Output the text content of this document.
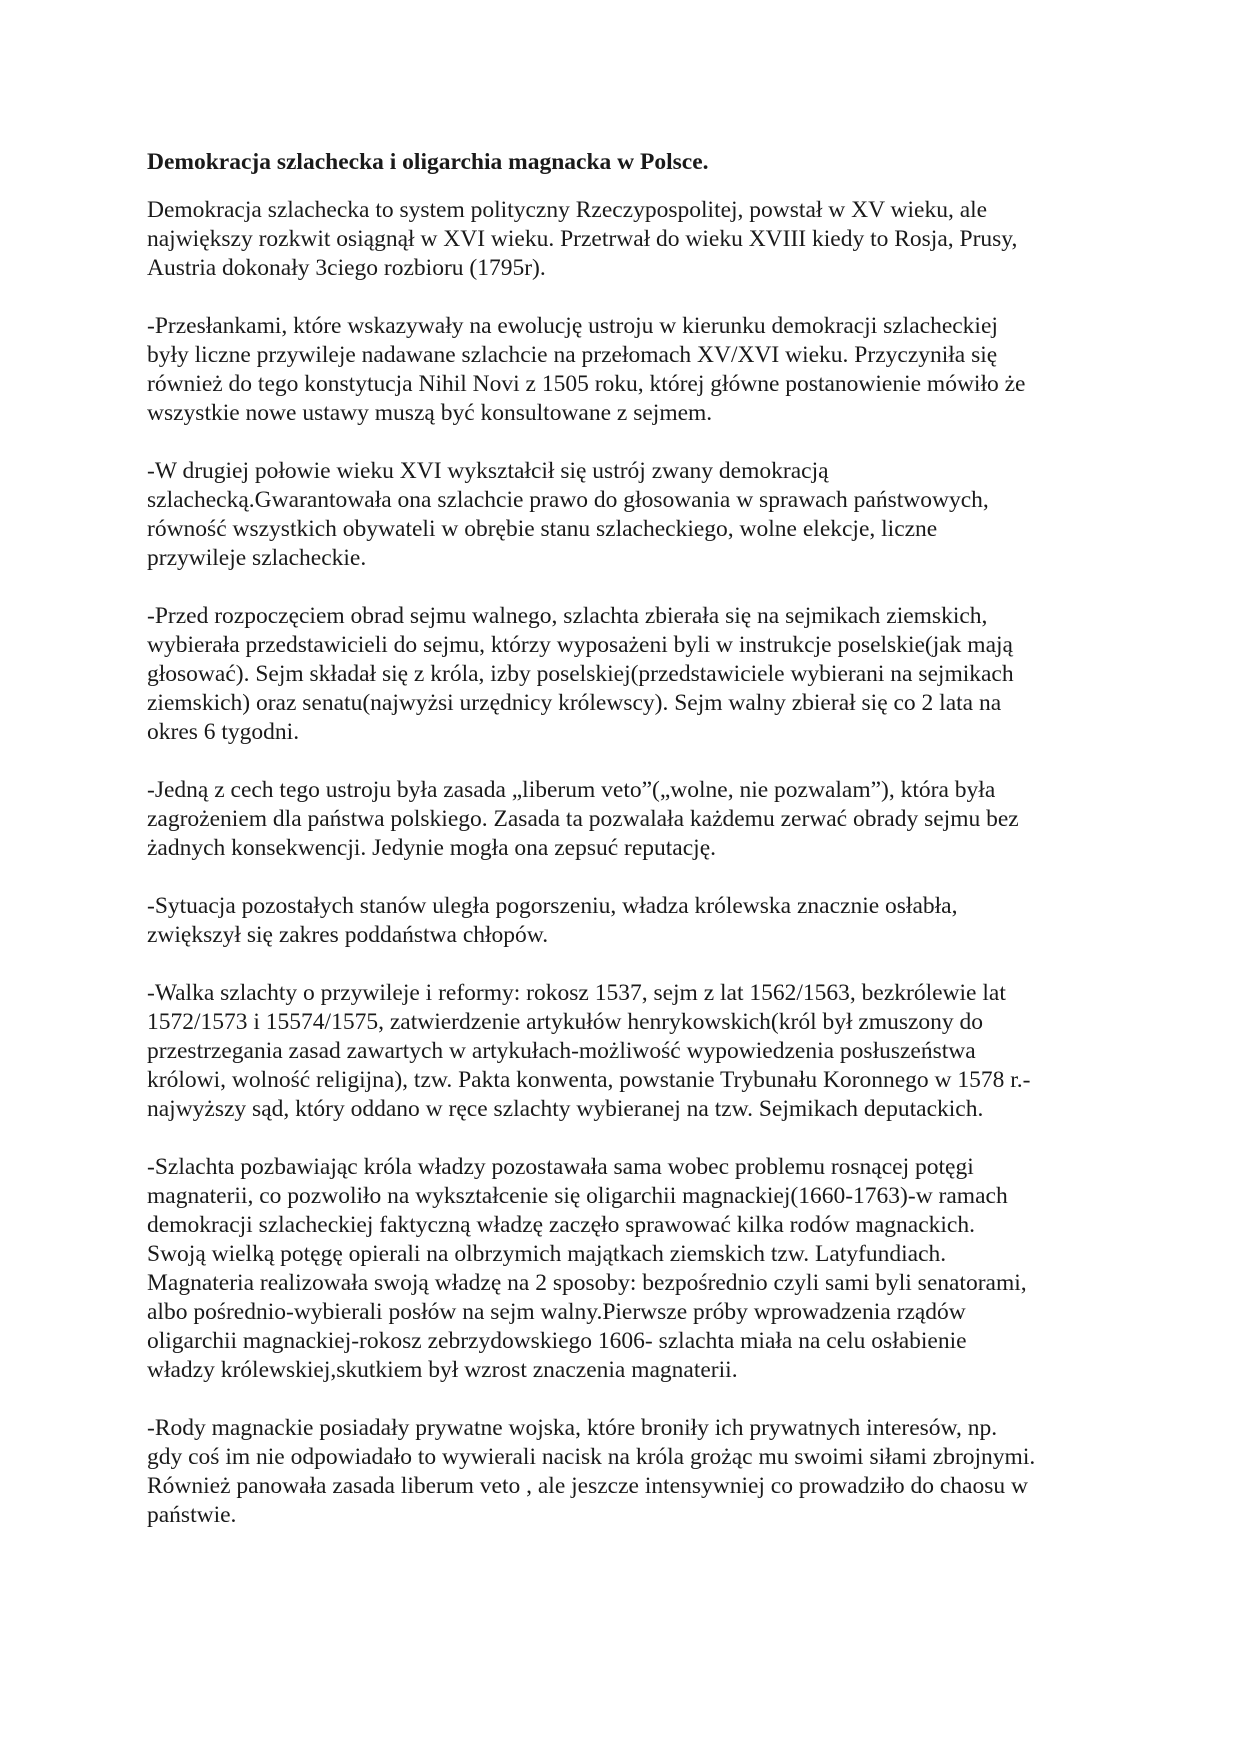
Demokracja szlachecka i oligarchia magnacka w Polsce.
Demokracja szlachecka to system polityczny Rzeczypospolitej, powstał w XV wieku, ale
największy rozkwit osiągnął w XVI wieku. Przetrwał do wieku XVIII kiedy to Rosja, Prusy,
Austria dokonały 3ciego rozbioru (1795r).
-Przesłankami, które wskazywały na ewolucję ustroju w kierunku demokracji szlacheckiej
były liczne przywileje nadawane szlachcie na przełomach XV/XVI wieku. Przyczyniła się
również do tego konstytucja Nihil Novi z 1505 roku, której główne postanowienie mówiło że
wszystkie nowe ustawy muszą być konsultowane z sejmem.
-W drugiej połowie wieku XVI wykształcił się ustrój zwany demokracją
szlachecką.Gwarantowała ona szlachcie prawo do głosowania w sprawach państwowych,
równość wszystkich obywateli w obrębie stanu szlacheckiego, wolne elekcje, liczne
przywileje szlacheckie.
-Przed rozpoczęciem obrad sejmu walnego, szlachta zbierała się na sejmikach ziemskich,
wybierała przedstawicieli do sejmu, którzy wyposażeni byli w instrukcje poselskie(jak mają
głosować). Sejm składał się z króla, izby poselskiej(przedstawiciele wybierani na sejmikach
ziemskich) oraz senatu(najwyżsi urzędnicy królewscy). Sejm walny zbierał się co 2 lata na
okres 6 tygodni.
-Jedną z cech tego ustroju była zasada „liberum veto”(„wolne, nie pozwalam”), która była
zagrożeniem dla państwa polskiego. Zasada ta pozwalała każdemu zerwać obrady sejmu bez
żadnych konsekwencji. Jedynie mogła ona zepsuć reputację.
-Sytuacja pozostałych stanów uległa pogorszeniu, władza królewska znacznie osłabła,
zwiększył się zakres poddaństwa chłopów.
-Walka szlachty o przywileje i reformy: rokosz 1537, sejm z lat 1562/1563, bezkrólewie lat
1572/1573 i 15574/1575, zatwierdzenie artykułów henrykowskich(król był zmuszony do
przestrzegania zasad zawartych w artykułach-możliwość wypowiedzenia posłuszeństwa
królowi, wolność religijna), tzw. Pakta konwenta, powstanie Trybunału Koronnego w 1578 r.-
najwyższy sąd, który oddano w ręce szlachty wybieranej na tzw. Sejmikach deputackich.
-Szlachta pozbawiając króla władzy pozostawała sama wobec problemu rosnącej potęgi
magnaterii, co pozwoliło na wykształcenie się oligarchii magnackiej(1660-1763)-w ramach
demokracji szlacheckiej faktyczną władzę zaczęło sprawować kilka rodów magnackich.
Swoją wielką potęgę opierali na olbrzymich majątkach ziemskich tzw. Latyfundiach.
Magnateria realizowała swoją władzę na 2 sposoby: bezpośrednio czyli sami byli senatorami,
albo pośrednio-wybierali posłów na sejm walny.Pierwsze próby wprowadzenia rządów
oligarchii magnackiej-rokosz zebrzydowskiego 1606- szlachta miała na celu osłabienie
władzy królewskiej,skutkiem był wzrost znaczenia magnaterii.
-Rody magnackie posiadały prywatne wojska, które broniły ich prywatnych interesów, np.
gdy coś im nie odpowiadało to wywierali nacisk na króla grożąc mu swoimi siłami zbrojnymi.
Również panowała zasada liberum veto , ale jeszcze intensywniej co prowadziło do chaosu w
państwie.
